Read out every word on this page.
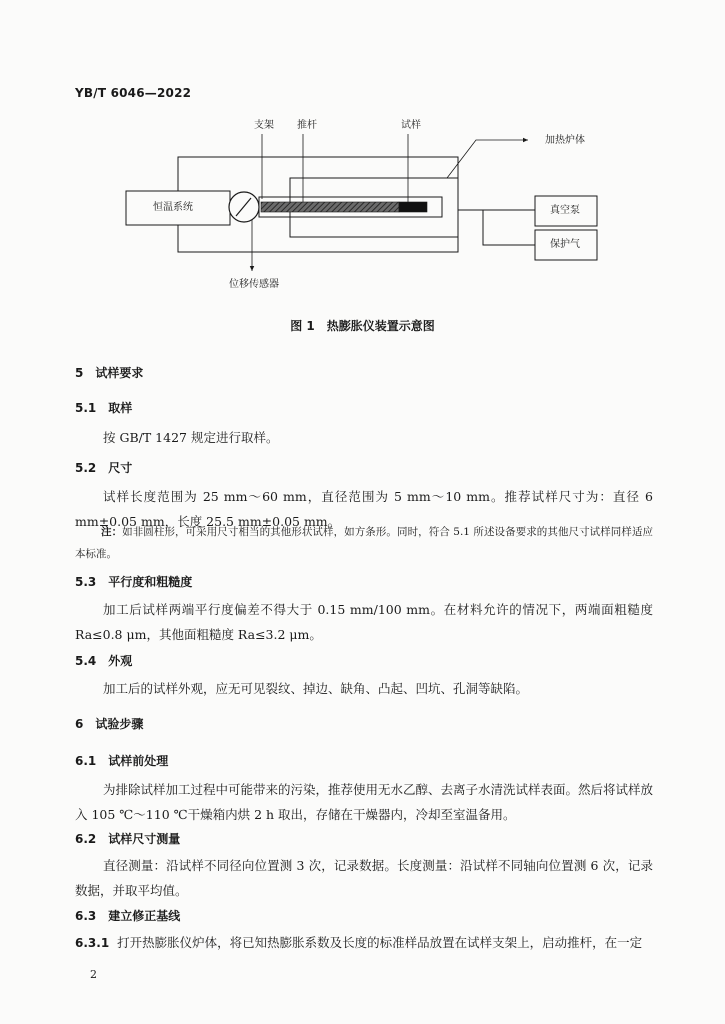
YB/T 6046—2022
支架 推杆	试样
加热炉体
恒温系统	真空泵
保护气
位移传感器
图 1　热膨胀仪装置示意图
5　试样要求
5.1　取样
按 GB/T 1427 规定进行取样。
5.2　尺寸
试样长度范围为 25 mm～60 mm，直径范围为 5 mm～10 mm。推荐试样尺寸为：直径 6 mm±0.05 mm，长度 25.5 mm±0.05 mm。
注：如非圆柱形，可采用尺寸相当的其他形状试样，如方条形。同时，符合 5.1 所述设备要求的其他尺寸试样同样适应本标准。
5.3　平行度和粗糙度
加工后试样两端平行度偏差不得大于 0.15 mm/100 mm。在材料允许的情况下，两端面粗糙度 Ra≤0.8 μm，其他面粗糙度 Ra≤3.2 μm。
5.4　外观
加工后的试样外观，应无可见裂纹、掉边、缺角、凸起、凹坑、孔洞等缺陷。
6　试验步骤
6.1　试样前处理
为排除试样加工过程中可能带来的污染，推荐使用无水乙醇、去离子水清洗试样表面。然后将试样放入 105 ℃～110 ℃干燥箱内烘 2 h 取出，存储在干燥器内，冷却至室温备用。
6.2　试样尺寸测量
直径测量：沿试样不同径向位置测 3 次，记录数据。长度测量：沿试样不同轴向位置测 6 次，记录数据，并取平均值。
6.3　建立修正基线
6.3.1 打开热膨胀仪炉体，将已知热膨胀系数及长度的标准样品放置在试样支架上，启动推杆，在一定
2
